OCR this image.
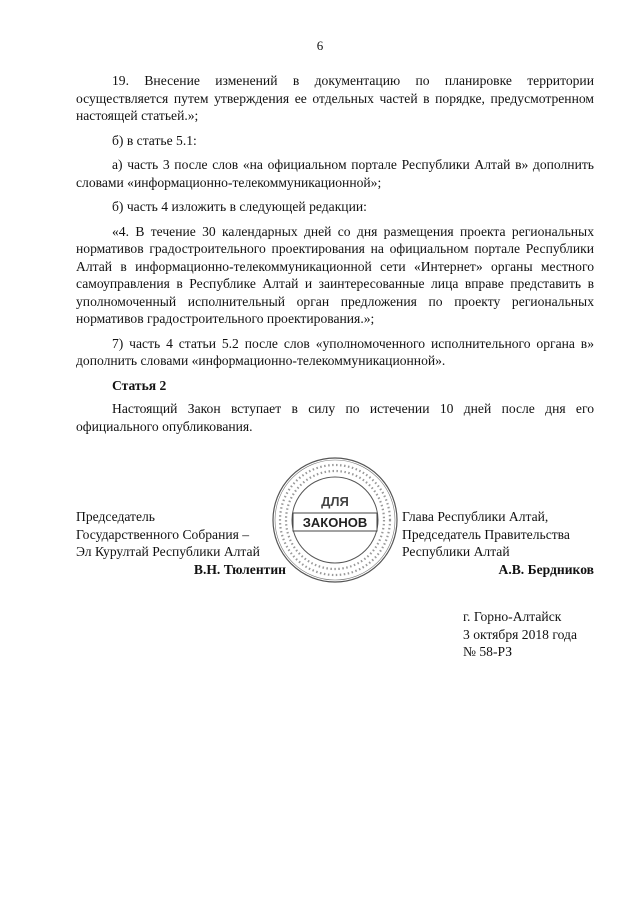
6

19. Внесение изменений в документацию по планировке территории осуществляется путем утверждения ее отдельных частей в порядке, предусмотренном настоящей статьей.»;

б) в статье 5.1:

а) часть 3 после слов «на официальном портале Республики Алтай в» дополнить словами «информационно-телекоммуникационной»;

б) часть 4 изложить в следующей редакции:

«4. В течение 30 календарных дней со дня размещения проекта региональных нормативов градостроительного проектирования на официальном портале Республики Алтай в информационно-телекоммуникационной сети «Интернет» органы местного самоуправления в Республике Алтай и заинтересованные лица вправе представить в уполномоченный исполнительный орган предложения по проекту региональных нормативов градостроительного проектирования.»;

7) часть 4 статьи 5.2 после слов «уполномоченного исполнительного органа в» дополнить словами «информационно-телекоммуникационной».

Статья 2

Настоящий Закон вступает в силу по истечении 10 дней после дня его официального опубликования.

ДЛЯ
ЗАКОНОВ
Председатель
Государственного Собрания –
Эл Курултай Республики Алтай
В.Н. Тюлентин
Глава Республики Алтай,
Председатель Правительства
Республики Алтай
А.В. Бердников
г. Горно-Алтайск
3 октября 2018 года
№ 58-РЗ
